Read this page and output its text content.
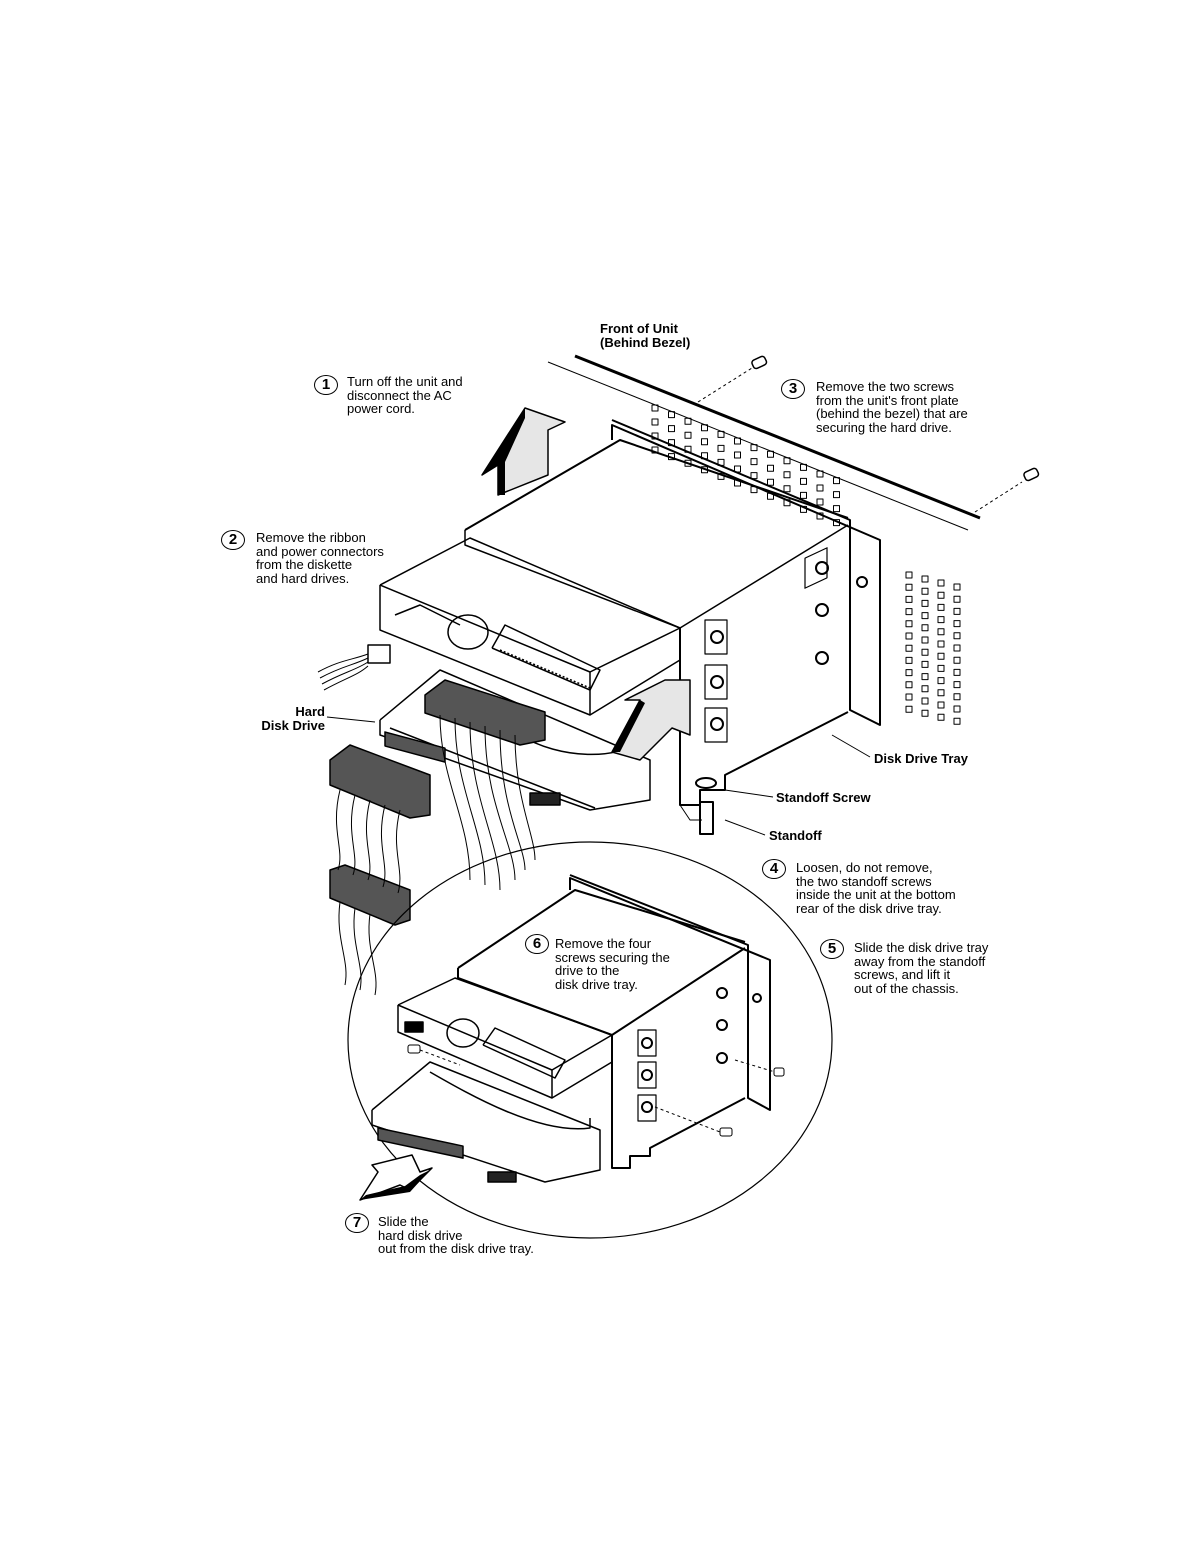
Front of Unit
(Behind Bezel)
Hard
Disk Drive
Disk Drive Tray
Standoff Screw
Standoff
1	Turn off the unit and
disconnect the AC
power cord.
2	Remove the ribbon
and power connectors
from the diskette
and hard drives.
3	Remove the two screws
from the unit's front plate
(behind the bezel) that are
securing the hard drive.
4	Loosen, do not remove,
the two standoff screws
inside the unit at the bottom
rear of the disk drive tray.
5	Slide the disk drive tray
away from the standoff
screws, and lift it
out of the chassis.
6	Remove the four
screws securing the
drive to the
disk drive tray.
7	Slide the
hard disk drive
out from the disk drive tray.
